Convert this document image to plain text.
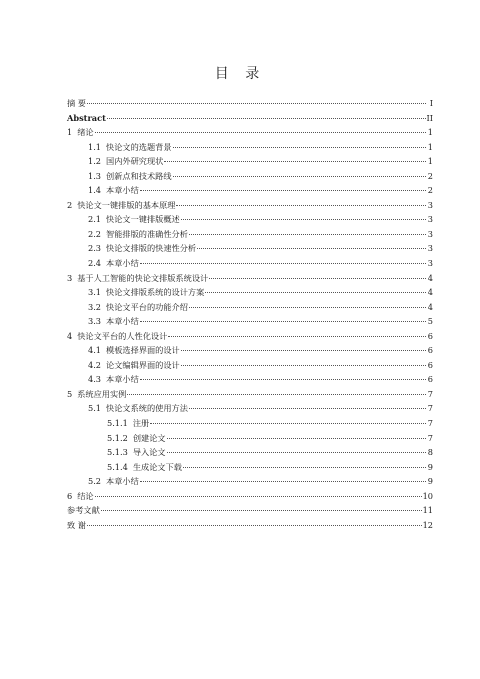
目 录
摘 要	I
Abstract	II
1 绪论	1
1.1 快论文的选题背景	1
1.2 国内外研究现状	1
1.3 创新点和技术路线	2
1.4 本章小结	2
2 快论文一键排版的基本原理	3
2.1 快论文一键排版概述	3
2.2 智能排版的准确性分析	3
2.3 快论文排版的快速性分析	3
2.4 本章小结	3
3 基于人工智能的快论文排版系统设计	4
3.1 快论文排版系统的设计方案	4
3.2 快论文平台的功能介绍	4
3.3 本章小结	5
4 快论文平台的人性化设计	6
4.1 模板选择界面的设计	6
4.2 论文编辑界面的设计	6
4.3 本章小结	6
5 系统应用实例	7
5.1 快论文系统的使用方法	7
5.1.1 注册	7
5.1.2 创建论文	7
5.1.3 导入论文	8
5.1.4 生成论文下载	9
5.2 本章小结	9
6 结论	10
参考文献	11
致 谢	12
